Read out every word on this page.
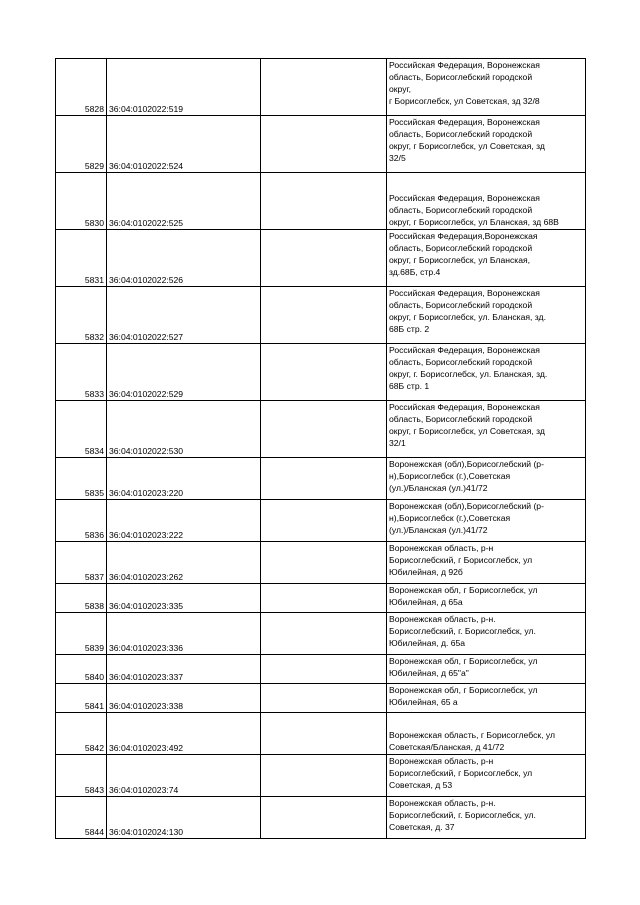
5828	36:04:0102022:519		Российская Федерация, Воронежская
область, Борисоглебский городской
округ,
г Борисоглебск, ул Советская, зд 32/8
5829	36:04:0102022:524		Российская Федерация, Воронежская
область, Борисоглебский городской
округ, г Борисоглебск, ул Советская, зд
32/5
5830	36:04:0102022:525		Российская Федерация, Воронежская
область, Борисоглебский городской
округ, г Борисоглебск, ул Бланская, зд 68В
5831	36:04:0102022:526		Российская Федерация,Воронежская
область, Борисоглебский городской
округ, г Борисоглебск, ул Бланская,
зд.68Б, стр.4
5832	36:04:0102022:527		Российская Федерация, Воронежская
область, Борисоглебский городской
округ, г Борисоглебск, ул. Бланская, зд.
68Б стр. 2
5833	36:04:0102022:529		Российская Федерация, Воронежская
область, Борисоглебский городской
округ, г. Борисоглебск, ул. Бланская, зд.
68Б стр. 1
5834	36:04:0102022:530		Российская Федерация, Воронежская
область, Борисоглебский городской
округ, г Борисоглебск, ул Советская, зд
32/1
5835	36:04:0102023:220		Воронежская (обл),Борисоглебский (р-
н),Борисоглебск (г.),Советская
(ул.)/Бланская (ул.)41/72
5836	36:04:0102023:222		Воронежская (обл),Борисоглебский (р-
н),Борисоглебск (г.),Советская
(ул.)/Бланская (ул.)41/72
5837	36:04:0102023:262		Воронежская область, р-н
Борисоглебский, г Борисоглебск, ул
Юбилейная, д 92б
5838	36:04:0102023:335		Воронежская обл, г Борисоглебск, ул
Юбилейная, д 65а
5839	36:04:0102023:336		Воронежская область, р-н.
Борисоглебский, г. Борисоглебск, ул.
Юбилейная, д. 65а
5840	36:04:0102023:337		Воронежская обл, г Борисоглебск, ул
Юбилейная, д 65"а"
5841	36:04:0102023:338		Воронежская обл, г Борисоглебск, ул
Юбилейная, 65 а
5842	36:04:0102023:492		Воронежская область, г Борисоглебск, ул
Советская/Бланская, д 41/72
5843	36:04:0102023:74		Воронежская область, р-н
Борисоглебский, г Борисоглебск, ул
Советская, д 53
5844	36:04:0102024:130		Воронежская область, р-н.
Борисоглебский, г. Борисоглебск, ул.
Советская, д. 37
